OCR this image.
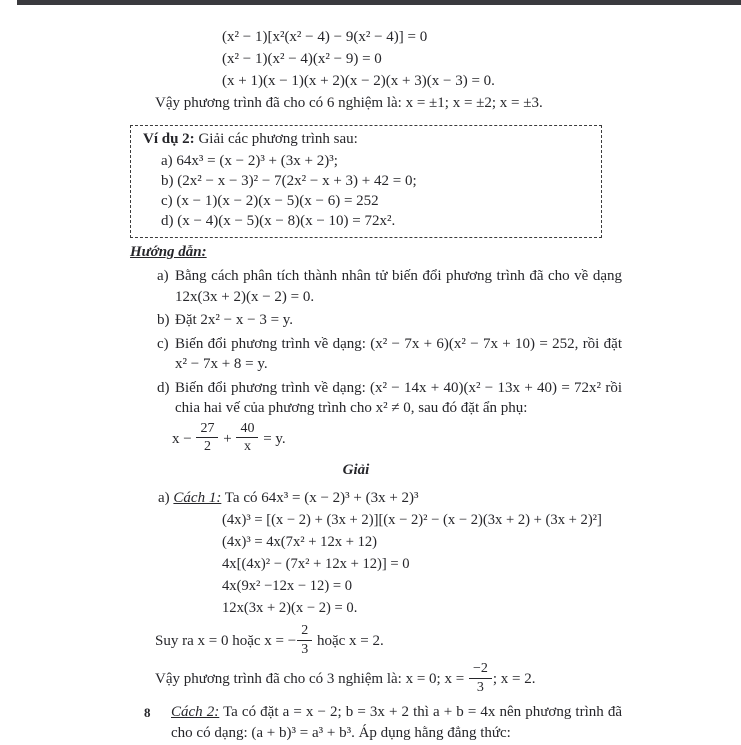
(x² − 1)[x²(x² − 4) − 9(x² − 4)] = 0
(x² − 1)(x² − 4)(x² − 9) = 0
(x + 1)(x − 1)(x + 2)(x − 2)(x + 3)(x − 3) = 0.
Vậy phương trình đã cho có 6 nghiệm là: x = ±1; x = ±2; x = ±3.
Ví dụ 2: Giải các phương trình sau:
a) 64x³ = (x − 2)³ + (3x + 2)³;
b) (2x² − x − 3)² − 7(2x² − x + 3) + 42 = 0;
c) (x − 1)(x − 2)(x − 5)(x − 6) = 252
d) (x − 4)(x − 5)(x − 8)(x − 10) = 72x².
Hướng dẫn:
a) Bằng cách phân tích thành nhân tử biến đổi phương trình đã cho về dạng 12x(3x + 2)(x − 2) = 0.
b) Đặt 2x² − x − 3 = y.
c) Biến đổi phương trình về dạng: (x² − 7x + 6)(x² − 7x + 10) = 252, rồi đặt x² − 7x + 8 = y.
d) Biến đổi phương trình về dạng: (x² − 14x + 40)(x² − 13x + 40) = 72x² rồi chia hai vế của phương trình cho x² ≠ 0, sau đó đặt ẩn phụ:
$x - \frac{27}{2} + \frac{40}{x} = y$.
Giải
a) Cách 1: Ta có 64x³ = (x − 2)³ + (3x + 2)³
(4x)³ = [(x − 2) + (3x + 2)][(x − 2)² − (x − 2)(3x + 2) + (3x + 2)²]
(4x)³ = 4x(7x² + 12x + 12)
4x[(4x)² − (7x² + 12x + 12)] = 0
4x(9x² −12x − 12) = 0
12x(3x + 2)(x − 2) = 0.
Suy ra x = 0 hoặc x = − $\frac{2}{3}$ hoặc x = 2.
Vậy phương trình đã cho có 3 nghiệm là: x = 0; $x = \frac{-2}{3}$ ; x = 2.
Cách 2: Ta có đặt a = x − 2; b = 3x + 2 thì a + b = 4x nên phương trình đã cho có dạng: (a + b)³ = a³ + b³. Áp dụng hằng đẳng thức:
8
